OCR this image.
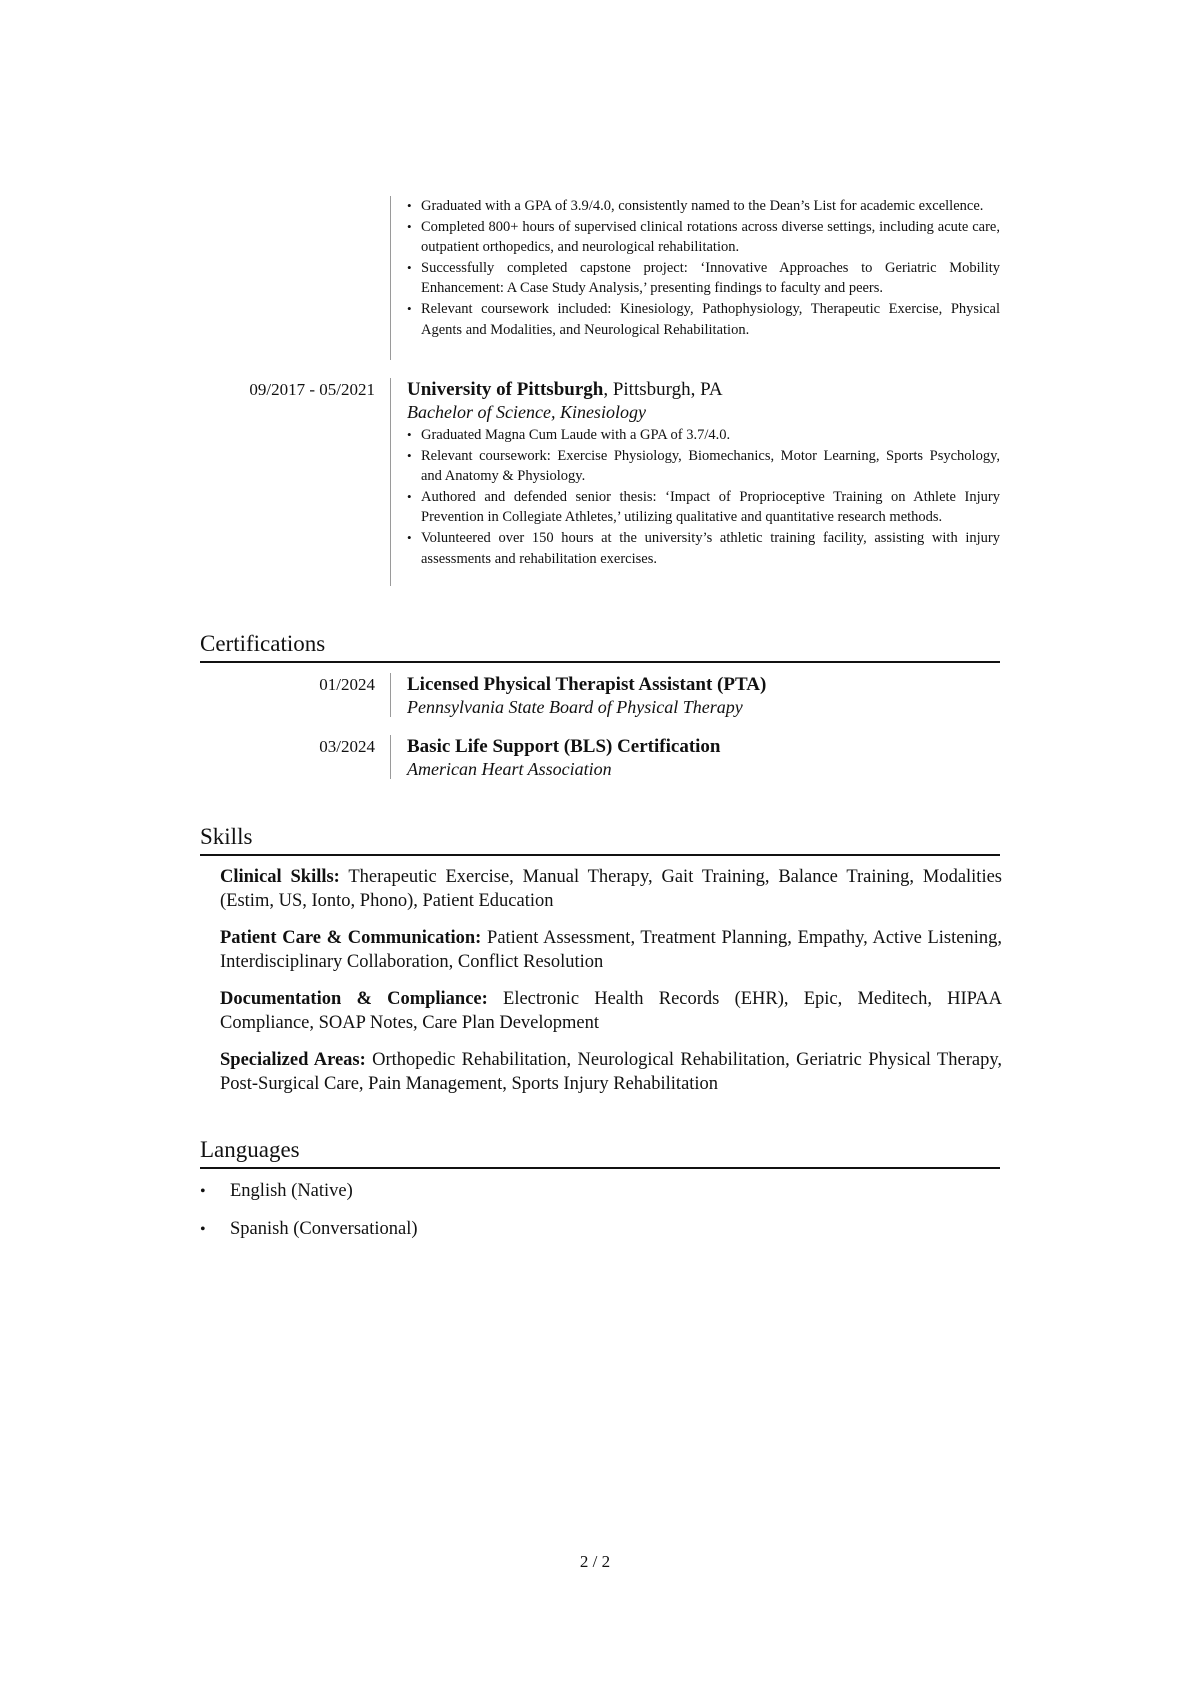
• Graduated with a GPA of 3.9/4.0, consistently named to the Dean’s List for academic excellence.
• Completed 800+ hours of supervised clinical rotations across diverse settings, including acute care, outpatient orthopedics, and neurological rehabilitation.
• Successfully completed capstone project: ‘Innovative Approaches to Geriatric Mobility Enhancement: A Case Study Analysis,’ presenting findings to faculty and peers.
• Relevant coursework included: Kinesiology, Pathophysiology, Therapeutic Exercise, Physical Agents and Modalities, and Neurological Rehabilitation.
09/2017 - 05/2021 University of Pittsburgh, Pittsburgh, PA
Bachelor of Science, Kinesiology
• Graduated Magna Cum Laude with a GPA of 3.7/4.0.
• Relevant coursework: Exercise Physiology, Biomechanics, Motor Learning, Sports Psychology, and Anatomy & Physiology.
• Authored and defended senior thesis: ‘Impact of Proprioceptive Training on Athlete Injury Prevention in Collegiate Athletes,’ utilizing qualitative and quantitative research methods.
• Volunteered over 150 hours at the university’s athletic training facility, assisting with injury assessments and rehabilitation exercises.
Certifications
01/2024 Licensed Physical Therapist Assistant (PTA)
Pennsylvania State Board of Physical Therapy
03/2024 Basic Life Support (BLS) Certification
American Heart Association
Skills
Clinical Skills: Therapeutic Exercise, Manual Therapy, Gait Training, Balance Training, Modalities (Estim, US, Ionto, Phono), Patient Education
Patient Care & Communication: Patient Assessment, Treatment Planning, Empathy, Active Listening, Interdisciplinary Collaboration, Conflict Resolution
Documentation & Compliance: Electronic Health Records (EHR), Epic, Meditech, HIPAA Compliance, SOAP Notes, Care Plan Development
Specialized Areas: Orthopedic Rehabilitation, Neurological Rehabilitation, Geriatric Physical Therapy, Post-Surgical Care, Pain Management, Sports Injury Rehabilitation
Languages
• English (Native)
• Spanish (Conversational)
2 / 2
